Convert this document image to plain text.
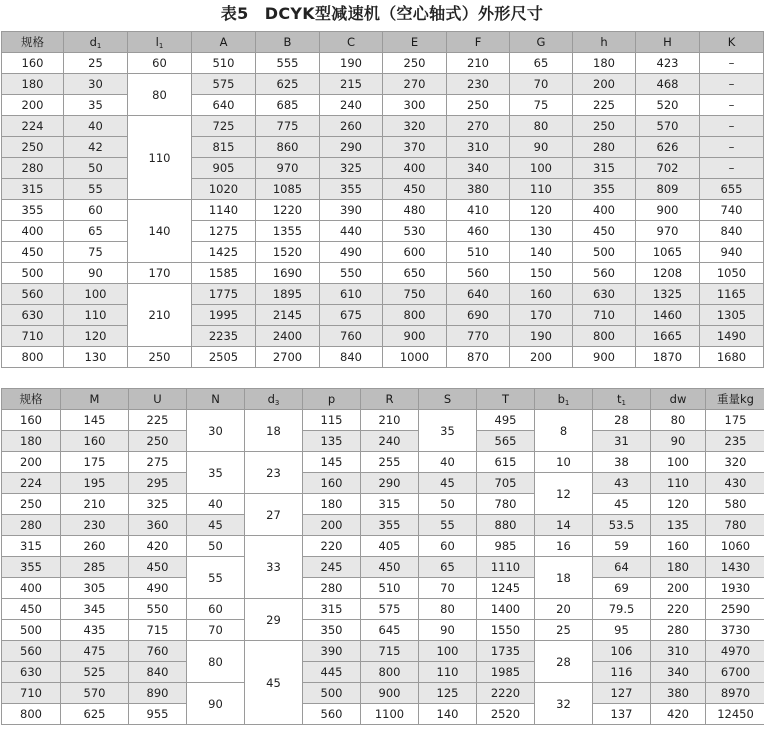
表5　DCYK型减速机（空心轴式）外形尺寸
规格	$d_1$	$l_1$	A	B	C	E	F	G	h	H	K
160	25	60	510	555	190	250	210	65	180	423	–
180	30	80	575	625	215	270	230	70	200	468	–
200	35		640	685	240	300	250	75	225	520	–
224	40	110	725	775	260	320	270	80	250	570	–
250	42		815	860	290	370	310	90	280	626	–
280	50		905	970	325	400	340	100	315	702	–
315	55		1020	1085	355	450	380	110	355	809	655
355	60	140	1140	1220	390	480	410	120	400	900	740
400	65		1275	1355	440	530	460	130	450	970	840
450	75		1425	1520	490	600	510	140	500	1065	940
500	90	170	1585	1690	550	650	560	150	560	1208	1050
560	100	210	1775	1895	610	750	640	160	630	1325	1165
630	110		1995	2145	675	800	690	170	710	1460	1305
710	120		2235	2400	760	900	770	190	800	1665	1490
800	130	250	2505	2700	840	1000	870	200	900	1870	1680
规格	M	U	N	$d_3$	p	R	S	T	$b_1$	$t_1$	dw	重量kg
160	145	225	30	18	115	210	35	495	8	28	80	175
180	160	250			135	240		565		31	90	235
200	175	275	35	23	145	255	40	615	10	38	100	320
224	195	295			160	290	45	705	12	43	110	430
250	210	325	40	27	180	315	50	780		45	120	580
280	230	360	45		200	355	55	880	14	53.5	135	780
315	260	420	50	33	220	405	60	985	16	59	160	1060
355	285	450	55		245	450	65	1110	18	64	180	1430
400	305	490			280	510	70	1245		69	200	1930
450	345	550	60	29	315	575	80	1400	20	79.5	220	2590
500	435	715	70		350	645	90	1550	25	95	280	3730
560	475	760	80	45	390	715	100	1735	28	106	310	4970
630	525	840			445	800	110	1985		116	340	6700
710	570	890	90		500	900	125	2220	32	127	380	8970
800	625	955			560	1100	140	2520		137	420	12450
